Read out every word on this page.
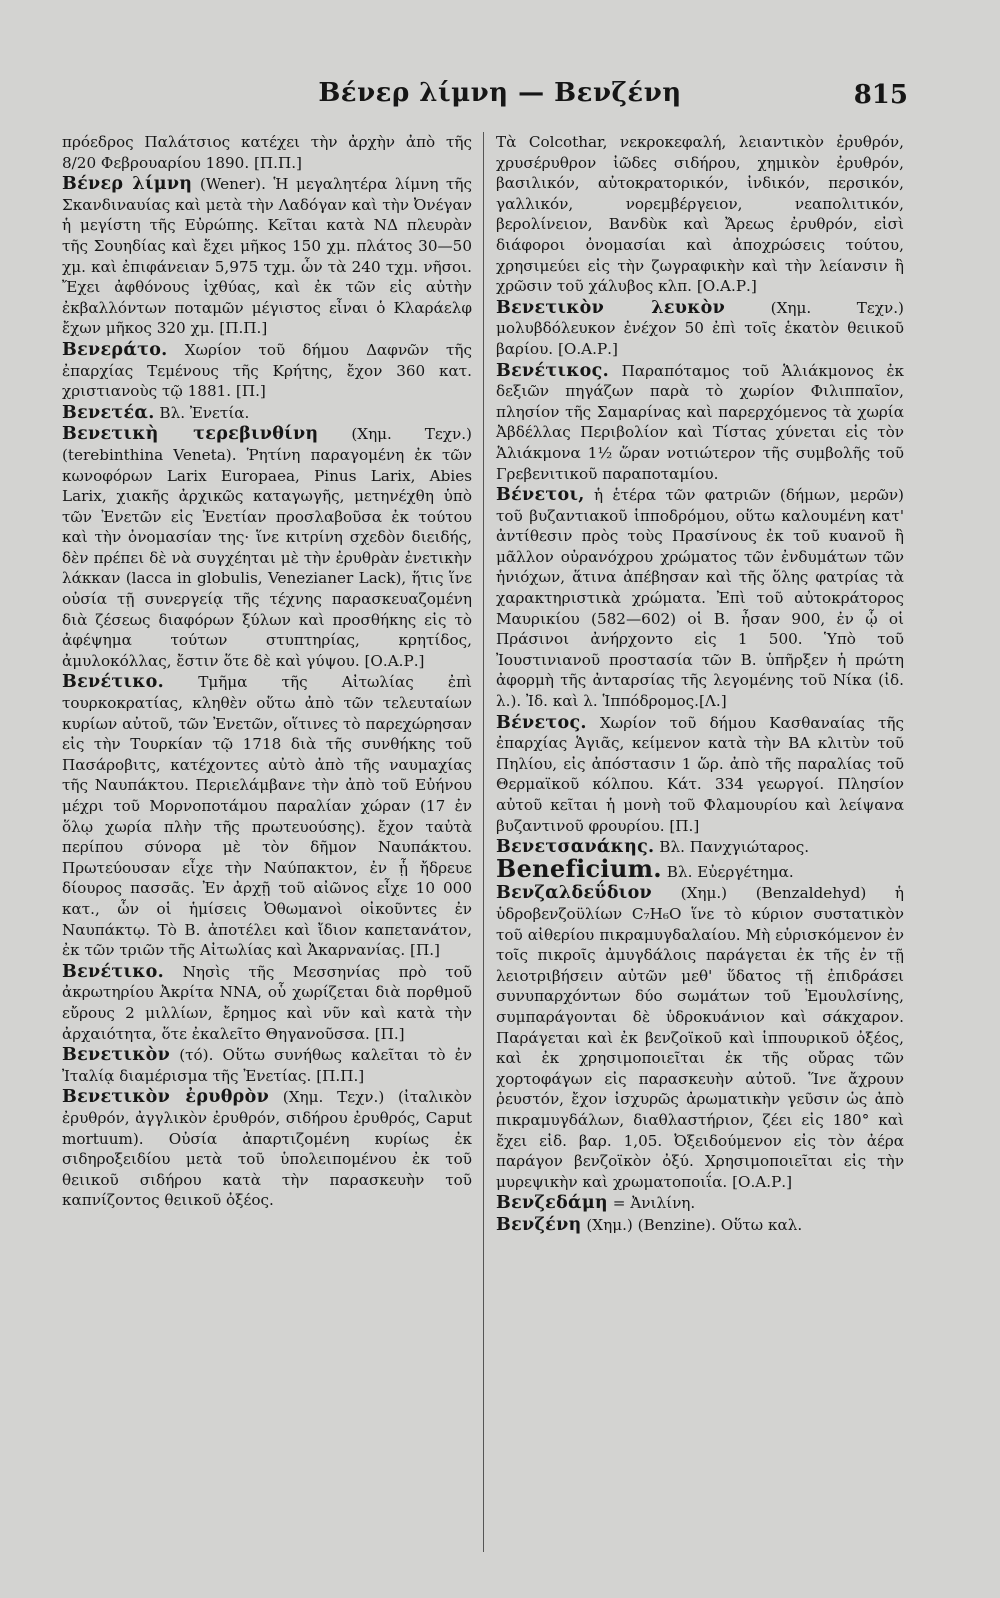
Βένερ λίμνη — Βενζένη	815

πρόεδρος Παλάτσιος κατέχει τὴν ἀρχὴν ἀπὸ τῆς 8/20 Φεβρουαρίου 1890. [Π.Π.]

Βένερ λίμνη (Wener). Ἡ μεγαλητέρα λίμνη τῆς Σκανδιναυίας καὶ μετὰ τὴν Λαδόγαν καὶ τὴν Ὀνέγαν ἡ μεγίστη τῆς Εὐρώπης. Κεῖται κατὰ ΝΔ πλευρὰν τῆς Σουηδίας καὶ ἔχει μῆκος 150 χμ. πλάτος 30—50 χμ. καὶ ἐπιφάνειαν 5,975 τχμ. ὧν τὰ 240 τχμ. νῆσοι. Ἔχει ἀφθόνους ἰχθύας, καὶ ἐκ τῶν εἰς αὐτὴν ἐκβαλλόντων ποταμῶν μέγιστος εἶναι ὁ Κλαράελφ ἔχων μῆκος 320 χμ. [Π.Π.]

Βενεράτο. Χωρίον τοῦ δήμου Δαφνῶν τῆς ἐπαρχίας Τεμένους τῆς Κρήτης, ἔχον 360 κατ. χριστιανοὺς τῷ 1881. [Π.]

Βενετέα. Βλ. Ἐνετία.

Βενετικὴ τερεβινθίνη (Χημ. Τεχν.) (terebinthina Veneta). Ῥητίνη παραγομένη ἐκ τῶν κωνοφόρων Larix Europaea, Pinus Larix, Abies Larix, χιακῆς ἀρχικῶς καταγωγῆς, μετηνέχθη ὑπὸ τῶν Ἐνετῶν εἰς Ἐνετίαν προσλαβοῦσα ἐκ τούτου καὶ τὴν ὀνομασίαν της· ἵνε κιτρίνη σχεδὸν διειδής, δὲν πρέπει δὲ νὰ συγχέηται μὲ τὴν ἐρυθρὰν ἐνετικὴν λάκκαν (lacca in globulis, Venezianer Lack), ἥτις ἵνε οὐσία τῇ συνεργείᾳ τῆς τέχνης παρασκευαζομένη διὰ ζέσεως διαφόρων ξύλων καὶ προσθήκης εἰς τὸ ἀφέψημα τούτων στυπτηρίας, κρητίδος, ἀμυλοκόλλας, ἔστιν ὅτε δὲ καὶ γύψου. [Ο.Α.Ρ.]

Βενέτικο. Τμῆμα τῆς Αἰτωλίας ἐπὶ τουρκοκρατίας, κληθὲν οὕτω ἀπὸ τῶν τελευταίων κυρίων αὐτοῦ, τῶν Ἐνετῶν, οἵτινες τὸ παρεχώρησαν εἰς τὴν Τουρκίαν τῷ 1718 διὰ τῆς συνθήκης τοῦ Πασάροβιτς, κατέχοντες αὐτὸ ἀπὸ τῆς ναυμαχίας τῆς Ναυπάκτου. Περιελάμβανε τὴν ἀπὸ τοῦ Εὐήνου μέχρι τοῦ Μορνοποτάμου παραλίαν χώραν (17 ἐν ὅλῳ χωρία πλὴν τῆς πρωτευούσης). ἔχον ταὐτὰ περίπου σύνορα μὲ τὸν δῆμον Ναυπάκτου. Πρωτεύουσαν εἶχε τὴν Ναύπακτον, ἐν ᾗ ἤδρευε δίουρος πασσᾶς. Ἐν ἀρχῇ τοῦ αἰῶνος εἶχε 10 000 κατ., ὧν οἱ ἡμίσεις Ὀθωμανοὶ οἰκοῦντες ἐν Ναυπάκτῳ. Τὸ Β. ἀποτέλει καὶ ἴδιον καπετανάτον, ἐκ τῶν τριῶν τῆς Αἰτωλίας καὶ Ἀκαρνανίας. [Π.]

Βενέτικο. Νησὶς τῆς Μεσσηνίας πρὸ τοῦ ἀκρωτηρίου Ἀκρίτα ΝΝΑ, οὗ χωρίζεται διὰ πορθμοῦ εὔρους 2 μιλλίων, ἔρημος καὶ νῦν καὶ κατὰ τὴν ἀρχαιότητα, ὅτε ἐκαλεῖτο Θηγανοῦσσα. [Π.]

Βενετικὸν (τό). Οὕτω συνήθως καλεῖται τὸ ἐν Ἰταλίᾳ διαμέρισμα τῆς Ἐνετίας. [Π.Π.]

Βενετικὸν ἐρυθρὸν (Χημ. Τεχν.) (ἰταλικὸν ἐρυθρόν, ἀγγλικὸν ἐρυθρόν, σιδήρου ἐρυθρός, Caput mortuum). Οὐσία ἀπαρτιζομένη κυρίως ἐκ σιδηροξειδίου μετὰ τοῦ ὑπολειπομένου ἐκ τοῦ θειικοῦ σιδήρου κατὰ τὴν παρασκευὴν τοῦ καπνίζοντος θειικοῦ ὀξέος.

Τὰ Colcothar, νεκροκεφαλή, λειαντικὸν ἐρυθρόν, χρυσέρυθρον ἰῶδες σιδήρου, χημικὸν ἐρυθρόν, βασιλικόν, αὐτοκρατορικόν, ἰνδικόν, περσικόν, γαλλικόν, νορεμβέργειον, νεαπολιτικόν, βερολίνειον, Βανδὺκ καὶ Ἄρεως ἐρυθρόν, εἰσὶ διάφοροι ὀνομασίαι καὶ ἀποχρώσεις τούτου, χρησιμεύει εἰς τὴν ζωγραφικὴν καὶ τὴν λείανσιν ἢ χρῶσιν τοῦ χάλυβος κλπ. [Ο.Α.Ρ.]

Βενετικὸν λευκὸν	(Χημ. Τεχν.) μολυβδόλευκον ἐνέχον 50 ἐπὶ τοῖς ἑκατὸν θειικοῦ βαρίου. [Ο.Α.Ρ.]

Βενέτικος. Παραπόταμος τοῦ Ἁλιάκμονος ἐκ δεξιῶν πηγάζων παρὰ τὸ χωρίον Φιλιππαῖον, πλησίον τῆς Σαμαρίνας καὶ παρερχόμενος τὰ χωρία Ἀβδέλλας Περιβολίον καὶ Τίστας χύνεται εἰς τὸν Ἁλιάκμονα 1½ ὥραν νοτιώτερον τῆς συμβολῆς τοῦ Γρεβενιτικοῦ παραποταμίου.

Βένετοι, ἡ ἑτέρα τῶν φατριῶν (δήμων, μερῶν) τοῦ βυζαντιακοῦ ἱπποδρόμου, οὕτω καλουμένη κατ' ἀντίθεσιν πρὸς τοὺς Πρασίνους ἐκ τοῦ κυανοῦ ἢ μᾶλλον οὐρανόχρου χρώματος τῶν ἐνδυμάτων τῶν ἡνιόχων, ἅτινα ἀπέβησαν καὶ τῆς ὅλης φατρίας τὰ χαρακτηριστικὰ χρώματα. Ἐπὶ τοῦ αὐτοκράτορος Μαυρικίου (582—602) οἱ Β. ἦσαν 900, ἐν ᾧ οἱ Πράσινοι ἀνήρχοντο εἰς 1 500. Ὑπὸ τοῦ Ἰουστινιανοῦ προστασία τῶν Β. ὑπῆρξεν ἡ πρώτη ἀφορμὴ τῆς ἀνταρσίας τῆς λεγομένης τοῦ Νίκα (ἰδ. λ.). Ἰδ. καὶ λ. Ἱππόδρομος.[Λ.]

Βένετος. Χωρίον τοῦ δήμου Κασθαναίας τῆς ἐπαρχίας Ἁγιᾶς, κείμενον κατὰ τὴν ΒΑ κλιτὺν τοῦ Πηλίου, εἰς ἀπόστασιν 1 ὥρ. ἀπὸ τῆς παραλίας τοῦ Θερμαϊκοῦ κόλπου. Κάτ. 334 γεωργοί. Πλησίον αὐτοῦ κεῖται ἡ μονὴ τοῦ Φλαμουρίου καὶ λείψανα βυζαντινοῦ φρουρίου. [Π.]

Βενετσανάκης. Βλ. Πανχγιώταρος.

Beneficium. Βλ. Εὐεργέτημα.

Βενζαλδεΰδιον (Χημ.) (Benzaldehyd) ἡ ὑδροβενζοϋλίων C₇H₆O ἵνε τὸ κύριον συστατικὸν τοῦ αἰθερίου πικραμυγδαλαίου. Μὴ εὑρισκόμενον ἐν τοῖς πικροῖς ἀμυγδάλοις παράγεται ἐκ τῆς ἐν τῇ λειοτριβήσειν αὐτῶν μεθ' ὕδατος τῇ ἐπιδράσει συνυπαρχόντων δύο σωμάτων τοῦ Ἐμουλσίνης, συμπαράγονται δὲ ὑδροκυάνιον καὶ σάκχαρον. Παράγεται καὶ ἐκ βενζοϊκοῦ καὶ ἱππουρικοῦ ὀξέος, καὶ ἐκ χρησιμοποιεῖται ἐκ τῆς οὔρας τῶν χορτοφάγων εἰς παρασκευὴν αὐτοῦ. Ἵνε ἄχρουν ῥευστόν, ἔχον ἰσχυρῶς ἀρωματικὴν γεῦσιν ὡς ἀπὸ πικραμυγδάλων, διαθλαστήριον, ζέει εἰς 180° καὶ ἔχει εἰδ. βαρ. 1,05. Ὀξειδούμενον εἰς τὸν ἀέρα παράγον βενζοϊκὸν ὀξύ. Χρησιμοποιεῖται εἰς τὴν μυρεψικὴν καὶ χρωματοποιΐα. [Ο.Α.Ρ.]

Βενζεδάμη = Ἀνιλίνη.

Βενζένη (Χημ.) (Benzine). Οὕτω καλ.
